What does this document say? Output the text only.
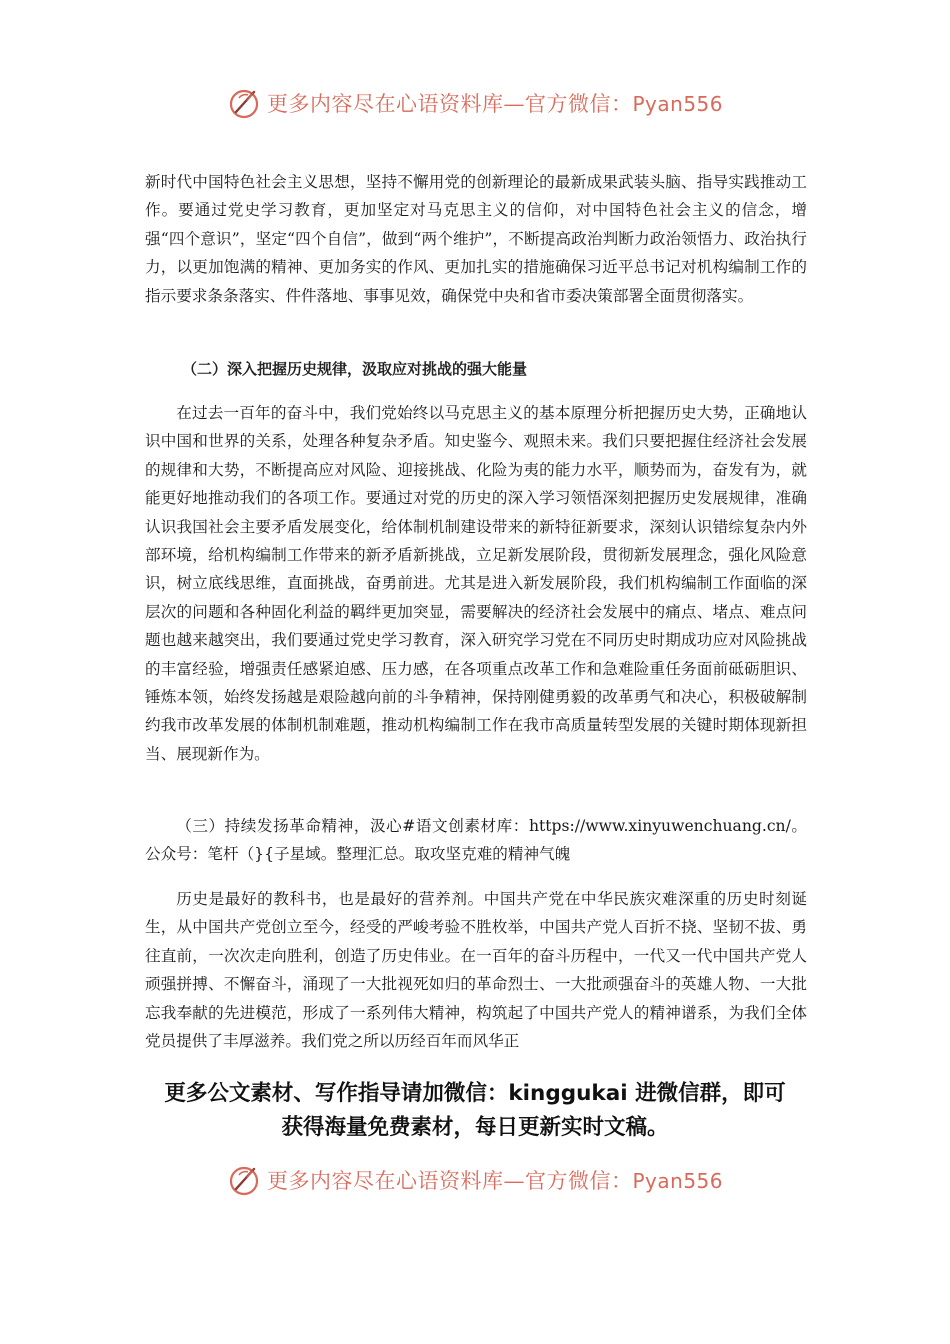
更多内容尽在心语资料库—官方微信：Pyan556

新时代中国特色社会主义思想，坚持不懈用党的创新理论的最新成果武装头脑、指导实践推动工作。要通过党史学习教育，更加坚定对马克思主义的信仰，对中国特色社会主义的信念，增强“四个意识”，坚定“四个自信”，做到“两个维护”，不断提高政治判断力政治领悟力、政治执行力，以更加饱满的精神、更加务实的作风、更加扎实的措施确保习近平总书记对机构编制工作的指示要求条条落实、件件落地、事事见效，确保党中央和省市委决策部署全面贯彻落实。

（二）深入把握历史规律，汲取应对挑战的强大能量

在过去一百年的奋斗中，我们党始终以马克思主义的基本原理分析把握历史大势，正确地认识中国和世界的关系，处理各种复杂矛盾。知史鉴今、观照未来。我们只要把握住经济社会发展的规律和大势，不断提高应对风险、迎接挑战、化险为夷的能力水平，顺势而为，奋发有为，就能更好地推动我们的各项工作。要通过对党的历史的深入学习领悟深刻把握历史发展规律，准确认识我国社会主要矛盾发展变化，给体制机制建设带来的新特征新要求，深刻认识错综复杂内外部环境，给机构编制工作带来的新矛盾新挑战，立足新发展阶段，贯彻新发展理念，强化风险意识，树立底线思维，直面挑战，奋勇前进。尤其是进入新发展阶段，我们机构编制工作面临的深层次的问题和各种固化利益的羁绊更加突显，需要解决的经济社会发展中的痛点、堵点、难点问题也越来越突出，我们要通过党史学习教育，深入研究学习党在不同历史时期成功应对风险挑战的丰富经验，增强责任感紧迫感、压力感，在各项重点改革工作和急难险重任务面前砥砺胆识、锤炼本领，始终发扬越是艰险越向前的斗争精神，保持刚健勇毅的改革勇气和决心，积极破解制约我市改革发展的体制机制难题，推动机构编制工作在我市高质量转型发展的关键时期体现新担当、展现新作为。

（三）持续发扬革命精神，汲心#语文创素材库：https://www.xinyuwenchuang.cn/。公众号：笔杆（}{子星域。整理汇总。取攻坚克难的精神气魄

历史是最好的教科书，也是最好的营养剂。中国共产党在中华民族灾难深重的历史时刻诞生，从中国共产党创立至今，经受的严峻考验不胜枚举，中国共产党人百折不挠、坚韧不拔、勇往直前，一次次走向胜利，创造了历史伟业。在一百年的奋斗历程中，一代又一代中国共产党人顽强拼搏、不懈奋斗，涌现了一大批视死如归的革命烈士、一大批顽强奋斗的英雄人物、一大批忘我奉献的先进模范，形成了一系列伟大精神，构筑起了中国共产党人的精神谱系，为我们全体党员提供了丰厚滋养。我们党之所以历经百年而风华正

更多公文素材、写作指导请加微信：kinggukai 进微信群，即可
获得海量免费素材，每日更新实时文稿。
更多内容尽在心语资料库—官方微信：Pyan556
